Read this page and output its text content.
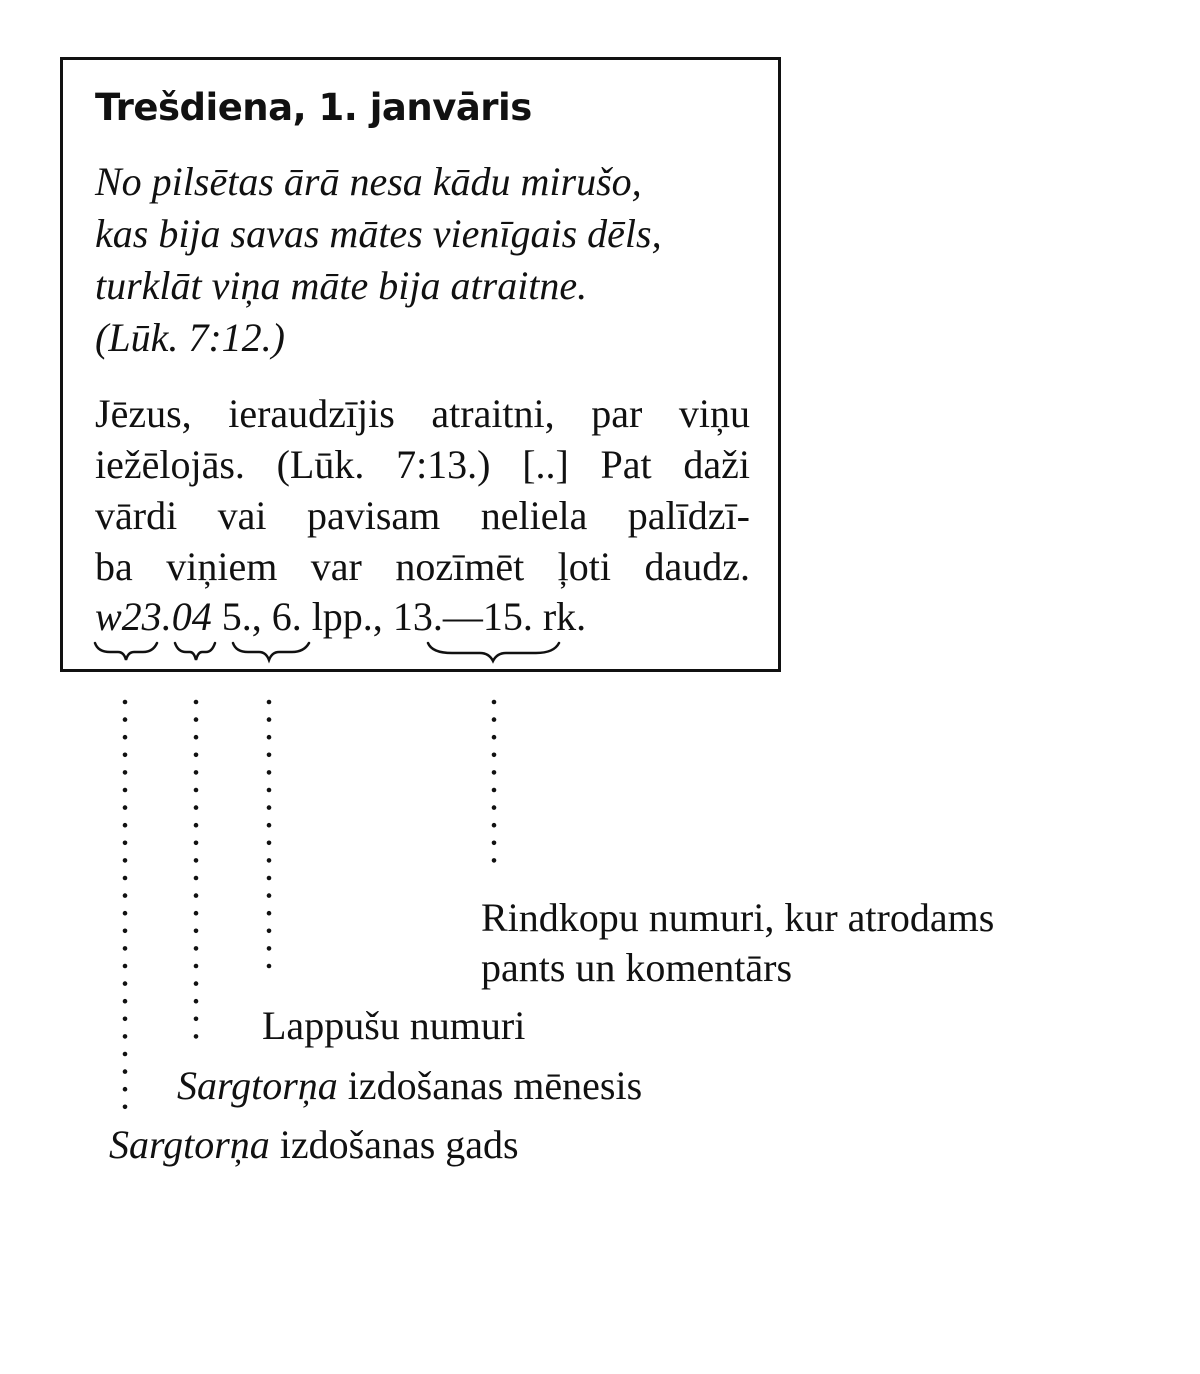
Trešdiena, 1. janvāris
No pilsētas ārā nesa kādu mirušo,
kas bija savas mātes vienīgais dēls,
turklāt viņa māte bija atraitne.
(Lūk. 7:12.)
Jēzus, ieraudzījis atraitni, par viņu
iežēlojās. (Lūk. 7:13.) [..] Pat daži
vārdi vai pavisam neliela palīdzī-
ba viņiem var nozīmēt ļoti daudz.
w23.04 5., 6. lpp., 13.—15. rk.
Rindkopu numuri, kur atrodams
pants un komentārs
Lappušu numuri
Sargtorņa izdošanas mēnesis
Sargtorņa izdošanas gads
